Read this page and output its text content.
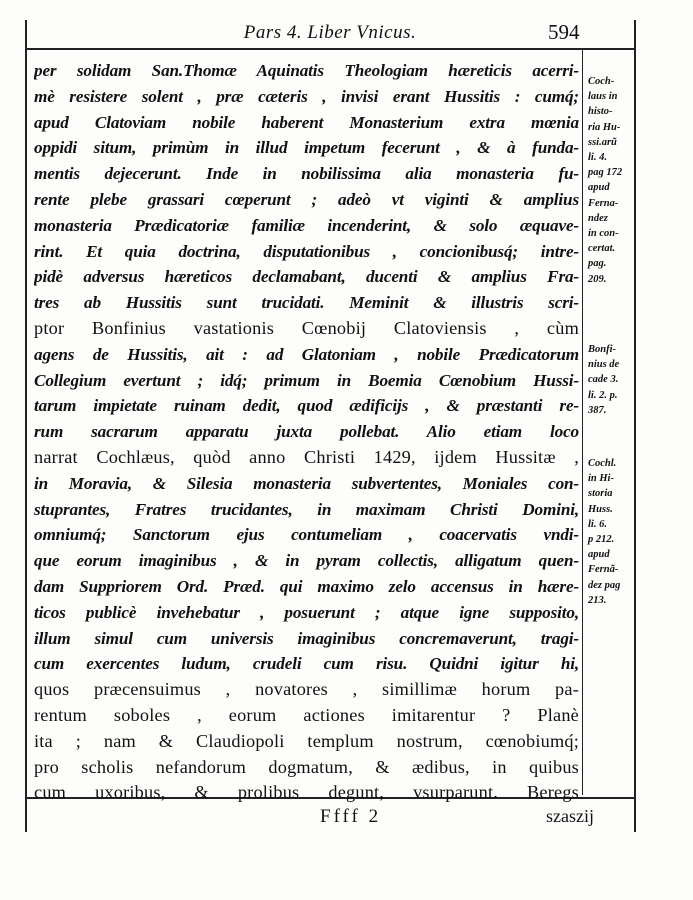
Pars 4. Liber Vnicus.	594
per solidam San.Thomæ Aquinatis Theologiam hæreticis acerri-
mè resistere solent , præ cæteris , invisi erant Hussitis : cumq́;
apud Clatoviam nobile haberent Monasterium extra mœnia
oppidi situm, primùm in illud impetum fecerunt , & à funda-
mentis dejecerunt. Inde in nobilissima alia monasteria fu-
rente plebe grassari cœperunt ; adeò vt viginti & amplius
monasteria Prædicatoriæ familiæ incenderint, & solo æquave-
rint. Et quia doctrina, disputationibus , concionibusq́; intre-
pidè adversus hæreticos declamabant, ducenti & amplius Fra-
tres ab Hussitis sunt trucidati. Meminit & illustris scri-
ptor Bonfinius vastationis Cœnobij Clatoviensis , cùm
agens de Hussitis, ait : ad Glatoniam , nobile Prædicatorum
Collegium evertunt ; idq́; primum in Boemia Cœnobium Hussi-
tarum impietate ruinam dedit, quod ædificijs , & præstanti re-
rum sacrarum apparatu juxta pollebat. Alio etiam loco
narrat Cochlæus, quòd anno Christi 1429, ijdem Hussitæ ,
in Moravia, & Silesia monasteria subvertentes, Moniales con-
stuprantes, Fratres trucidantes, in maximam Christi Domini,
omniumq́; Sanctorum ejus contumeliam , coacervatis vndi-
que eorum imaginibus , & in pyram collectis, alligatum quen-
dam Suppriorem Ord. Præd. qui maximo zelo accensus in hære-
ticos publicè invehebatur , posuerunt ; atque igne supposito,
illum simul cum universis imaginibus concremaverunt, tragi-
cum exercentes ludum, crudeli cum risu. Quidni igitur hi,
quos præcensuimus , novatores , simillimæ horum pa-
rentum soboles , eorum actiones imitarentur ? Planè
ita ; nam & Claudiopoli templum nostrum, cœnobiumq́;
pro scholis nefandorum dogmatum, & ædibus, in quibus
cum uxoribus, & prolibus degunt, vsurparunt. Beregs
Coch-
laus in
histo-
ria Hu-
ssi.arũ
li. 4.
pag 172
apud
Ferna-
ndez
in con-
certat.
pag.
209.
Bonfi-
nius de
cade 3.
li. 2. p.
387.
Cochl.
in Hi-
storia
Huss.
li. 6.
p 212.
apud
Fernã-
dez pag
213.
Ffff 2	szaszij
